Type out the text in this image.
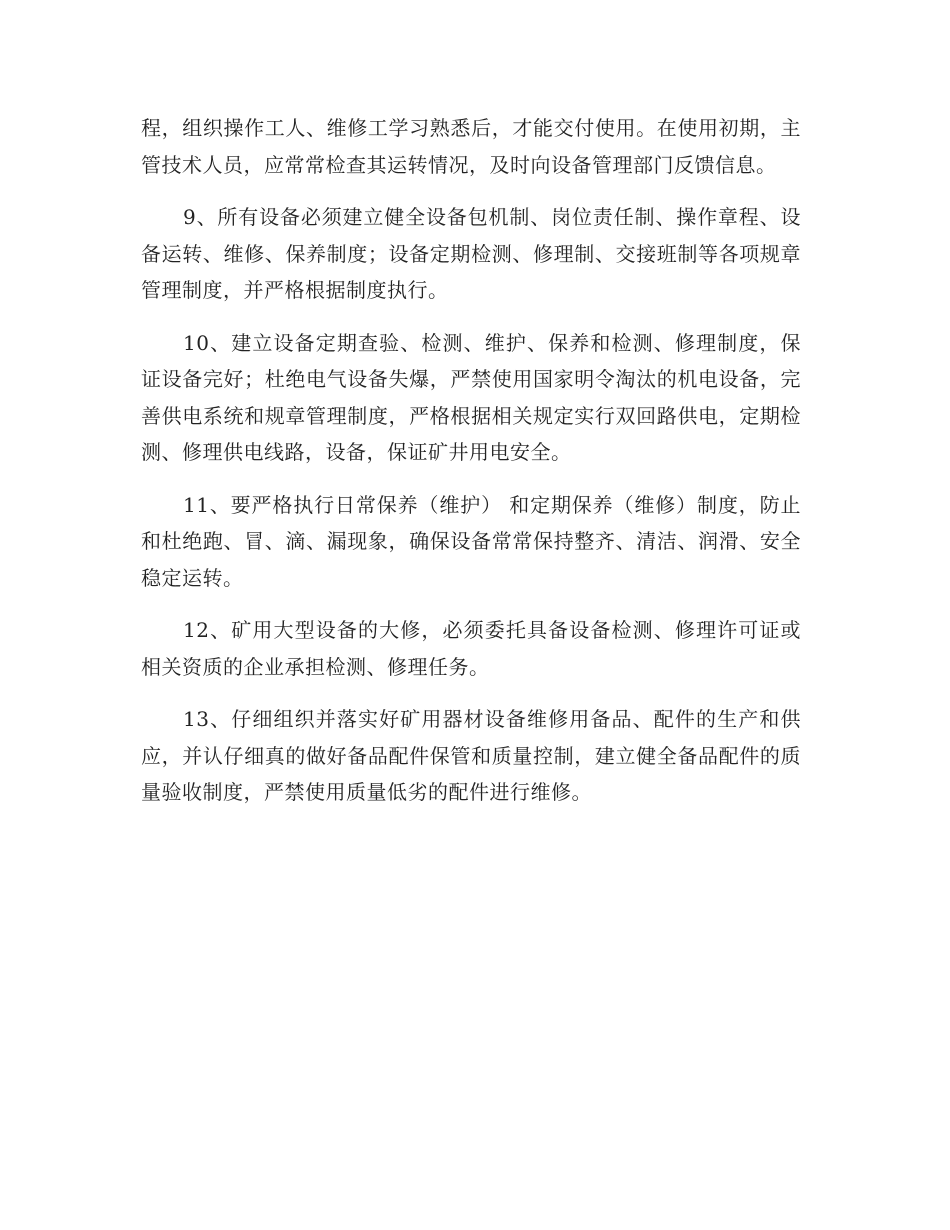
程，组织操作工人、维修工学习熟悉后，才能交付使用。在使用初期，主管技术人员，应常常检查其运转情况，及时向设备管理部门反馈信息。

9、所有设备必须建立健全设备包机制、岗位责任制、操作章程、设备运转、维修、保养制度；设备定期检测、修理制、交接班制等各项规章管理制度，并严格根据制度执行。

10、建立设备定期查验、检测、维护、保养和检测、修理制度，保证设备完好；杜绝电气设备失爆，严禁使用国家明令淘汰的机电设备，完善供电系统和规章管理制度，严格根据相关规定实行双回路供电，定期检测、修理供电线路，设备，保证矿井用电安全。

11、要严格执行日常保养（维护） 和定期保养（维修）制度，防止和杜绝跑、冒、滴、漏现象，确保设备常常保持整齐、清洁、润滑、安全稳定运转。

12、矿用大型设备的大修，必须委托具备设备检测、修理许可证或相关资质的企业承担检测、修理任务。

13、仔细组织并落实好矿用器材设备维修用备品、配件的生产和供应，并认仔细真的做好备品配件保管和质量控制，建立健全备品配件的质量验收制度，严禁使用质量低劣的配件进行维修。
